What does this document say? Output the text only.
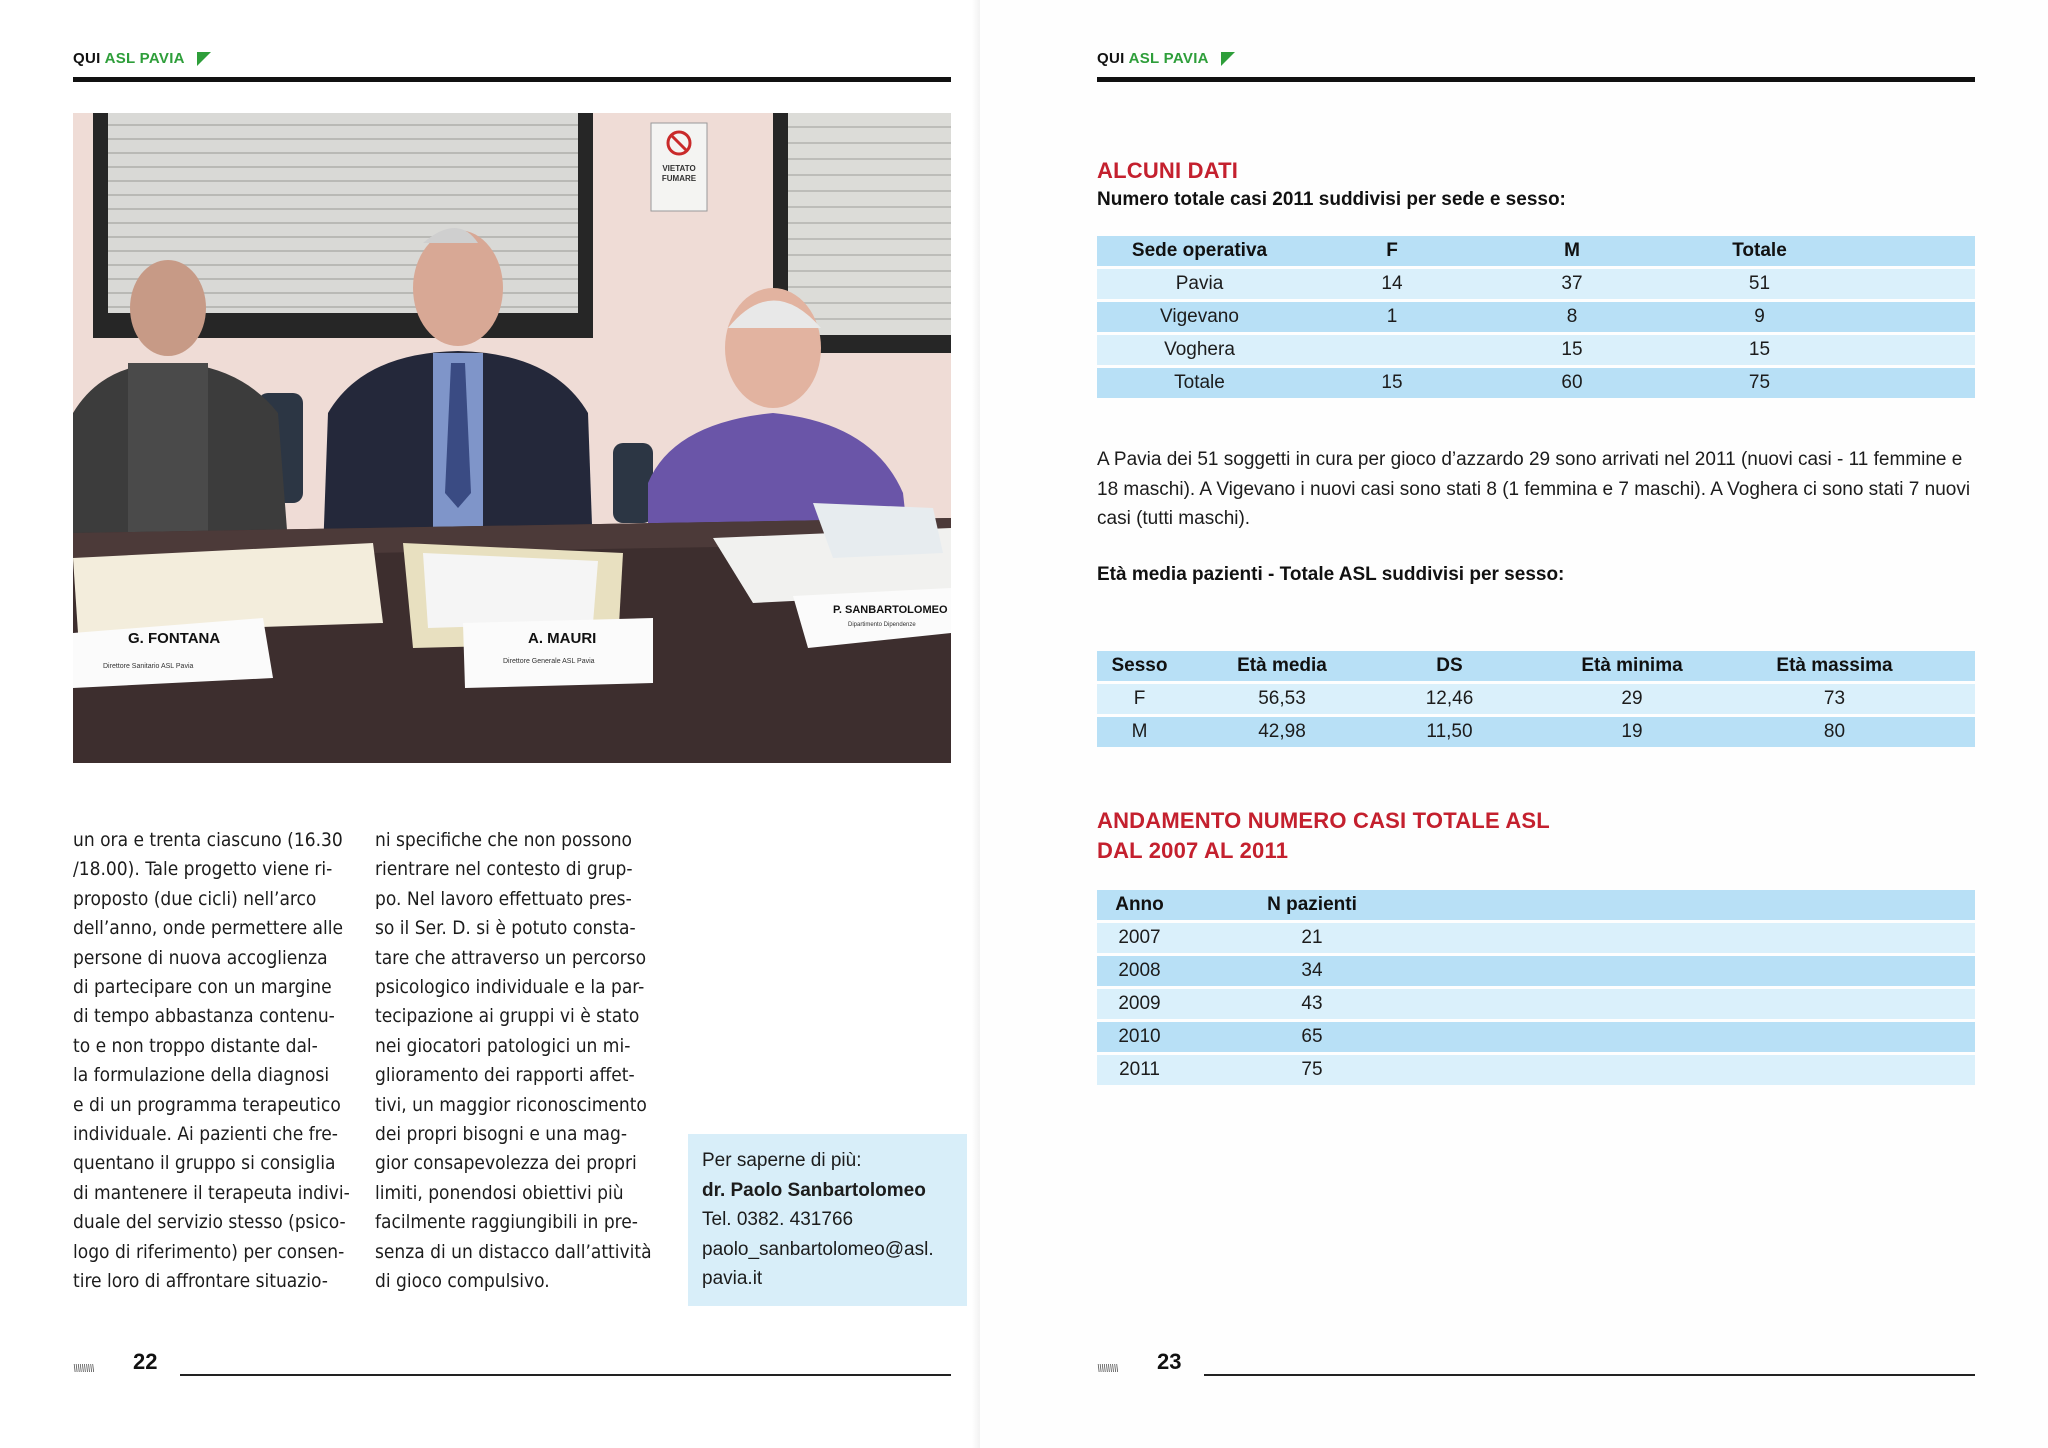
QUI ASL PAVIA
VIETATO
FUMARE
G. FONTANA
Direttore Sanitario ASL Pavia
A. MAURI
Direttore Generale ASL Pavia
P. SANBARTOLOMEO
Dipartimento Dipendenze
un ora e trenta ciascuno (16.30
/18.00). Tale progetto viene ri-
proposto (due cicli) nell’arco
dell’anno, onde permettere alle
persone di nuova accoglienza
di partecipare con un margine
di tempo abbastanza contenu-
to e non troppo distante dal-
la formulazione della diagnosi
e di un programma terapeutico
individuale. Ai pazienti che fre-
quentano il gruppo si consiglia
di mantenere il terapeuta indivi-
duale del servizio stesso (psico-
logo di riferimento) per consen-
tire loro di affrontare situazio-
ni specifiche che non possono
rientrare nel contesto di grup-
po. Nel lavoro effettuato pres-
so il Ser. D. si è potuto consta-
tare che attraverso un percorso
psicologico individuale e la par-
tecipazione ai gruppi vi è stato
nei giocatori patologici un mi-
glioramento dei rapporti affet-
tivi, un maggior riconoscimento
dei propri bisogni e una mag-
gior consapevolezza dei propri
limiti, ponendosi obiettivi più
facilmente raggiungibili in pre-
senza di un distacco dall’attività
di gioco compulsivo.
Per saperne di più:
dr. Paolo Sanbartolomeo
Tel. 0382. 431766
paolo_sanbartolomeo@asl.
pavia.it
\\\\\\\\\\ 22
QUI ASL PAVIA
ALCUNI DATI
Numero totale casi 2011 suddivisi per sede e sesso:
Sede operativa	F	M	Totale	
Pavia	14	37	51	
Vigevano	1	8	9	
Voghera		15	15	
Totale	15	60	75	
A Pavia dei 51 soggetti in cura per gioco d’azzardo 29 sono arrivati nel 2011 (nuovi casi - 11 femmine e 18 maschi). A Vigevano i nuovi casi sono stati 8 (1 femmina e 7 maschi). A Voghera ci sono stati 7 nuovi casi (tutti maschi).
Età media pazienti - Totale ASL suddivisi per sesso:
Sesso	Età media	DS	Età minima	Età massima	
F	56,53	12,46	29	73	
M	42,98	11,50	19	80	
ANDAMENTO NUMERO CASI TOTALE ASL
DAL 2007 AL 2011
Anno	N pazienti	
2007	21	
2008	34	
2009	43	
2010	65	
2011	75	
\\\\\\\\\\ 23
